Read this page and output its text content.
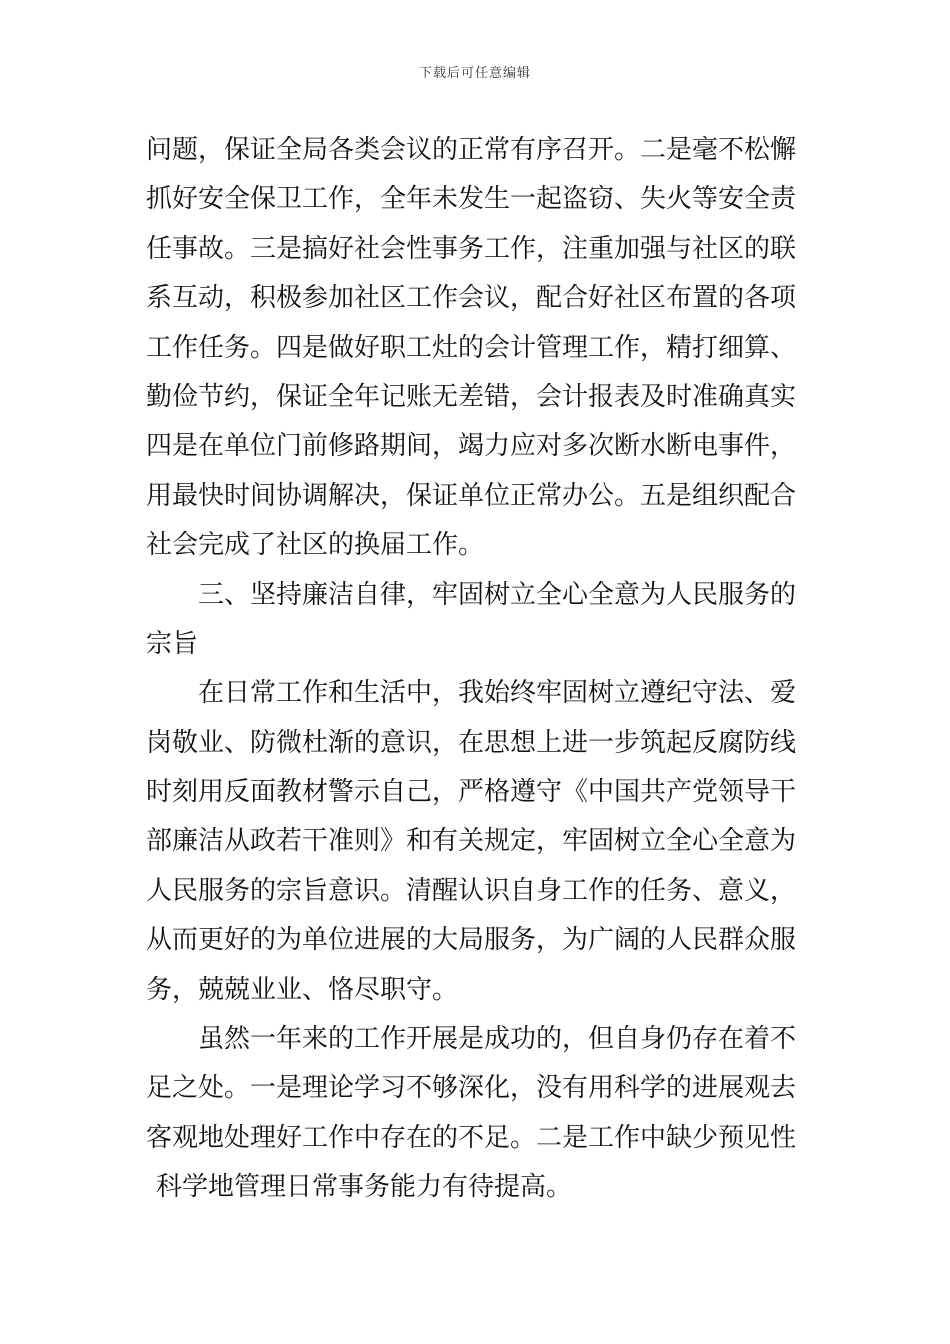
下载后可任意编辑
问题，保证全局各类会议的正常有序召开。二是毫不松懈
抓好安全保卫工作，全年未发生一起盗窃、失火等安全责
任事故。三是搞好社会性事务工作，注重加强与社区的联
系互动，积极参加社区工作会议，配合好社区布置的各项
工作任务。四是做好职工灶的会计管理工作，精打细算、
勤俭节约，保证全年记账无差错，会计报表及时准确真实
四是在单位门前修路期间，竭力应对多次断水断电事件，
用最快时间协调解决，保证单位正常办公。五是组织配合
社会完成了社区的换届工作。
三、坚持廉洁自律，牢固树立全心全意为人民服务的
宗旨
在日常工作和生活中，我始终牢固树立遵纪守法、爱
岗敬业、防微杜渐的意识，在思想上进一步筑起反腐防线
时刻用反面教材警示自己，严格遵守《中国共产党领导干
部廉洁从政若干准则》和有关规定，牢固树立全心全意为
人民服务的宗旨意识。清醒认识自身工作的任务、意义，
从而更好的为单位进展的大局服务，为广阔的人民群众服
务，兢兢业业、恪尽职守。
虽然一年来的工作开展是成功的，但自身仍存在着不
足之处。一是理论学习不够深化，没有用科学的进展观去
客观地处理好工作中存在的不足。二是工作中缺少预见性
科学地管理日常事务能力有待提高。
